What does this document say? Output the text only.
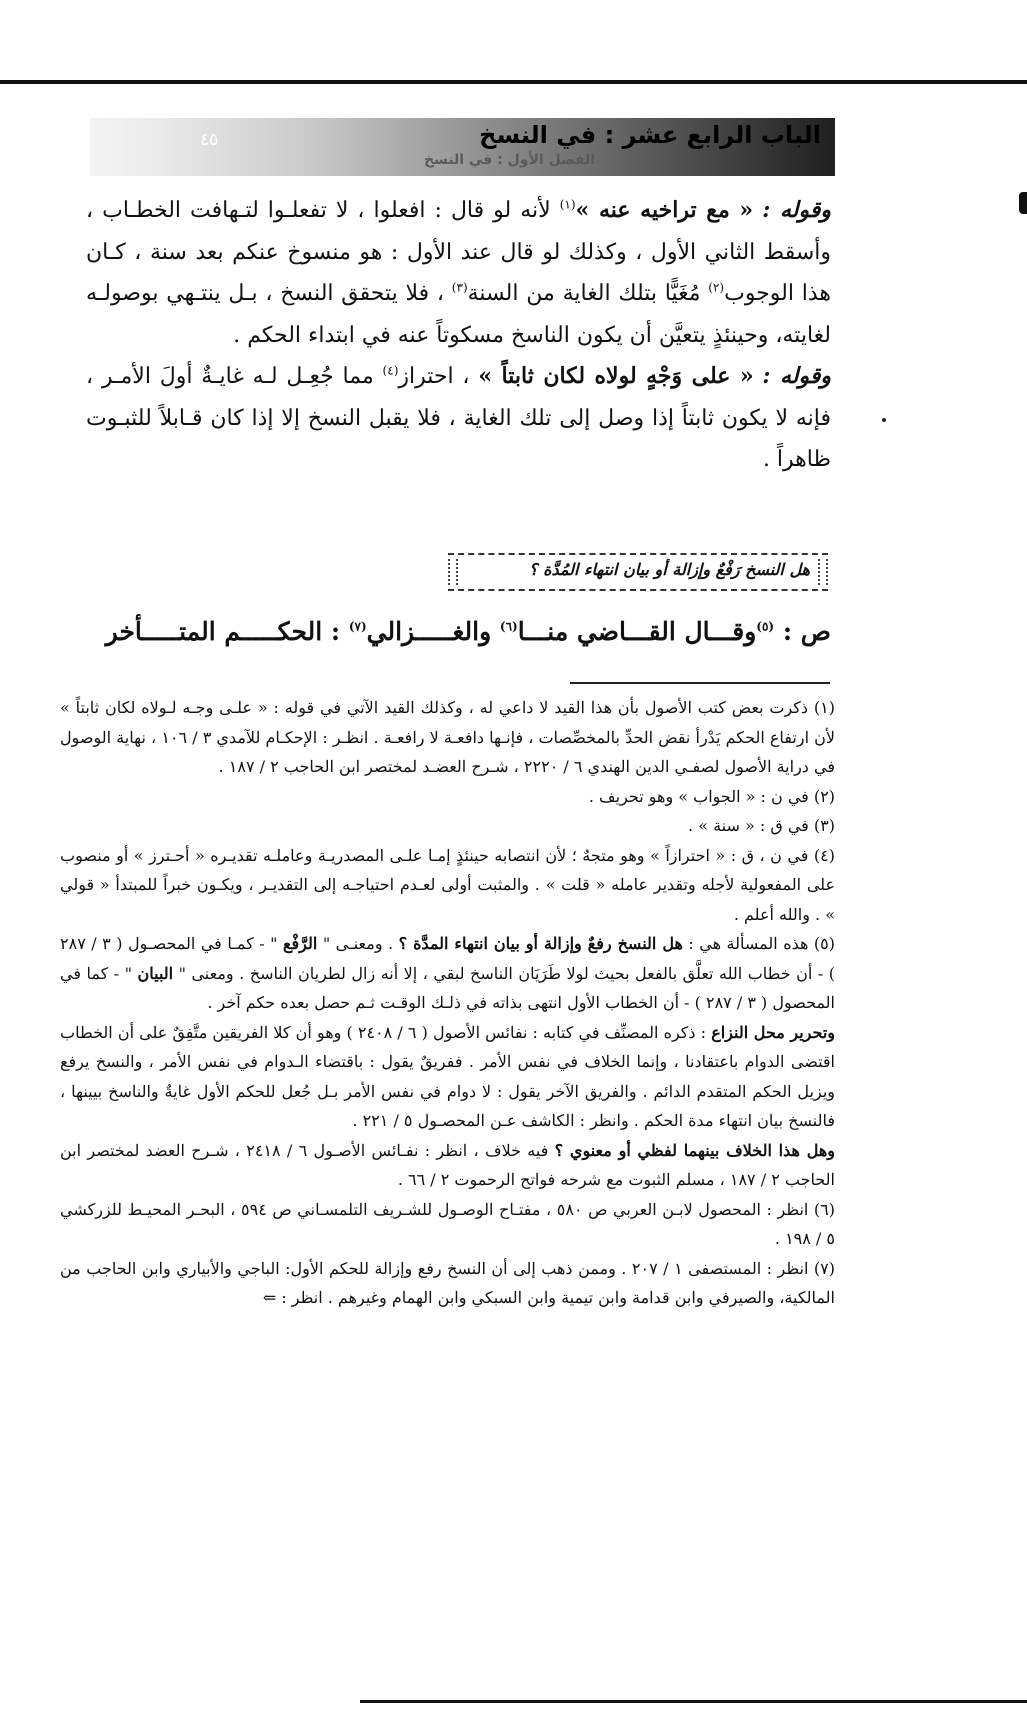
الباب الرابع عشر : في النسخ
الفصل الأول : في النسخ
٤٥

وقوله : « مع تراخيه عنه »$^{(١)}$ لأنه لو قال : افعلوا ، لا تفعلـوا لتـهافت الخطـاب ، وأسقط الثاني الأول ، وكذلك لو قال عند الأول : هو منسوخ عنكم بعد سنة ، كـان هذا الوجوب$^{(٢)}$ مُغَيًّا بتلك الغاية من السنة$^{(٣)}$ ، فلا يتحقق النسخ ، بـل ينتـهي بوصولـه لغايته، وحينئذٍ يتعيَّن أن يكون الناسخ مسكوتاً عنه في ابتداء الحكم .

وقوله : « على وَجْهٍ لولاه لكان ثابتاً » ، احتراز$^{(٤)}$ مما جُعِـل لـه غايـةٌ أولَ الأمـر ، فإنه لا يكون ثابتاً إذا وصل إلى تلك الغاية ، فلا يقبل النسخ إلا إذا كان قـابلاً للثبـوت ظاهراً .

هل النسخ رَفْعٌ وإزالة أو بيان انتهاء المُدَّة ؟
ص : $^{(٥)}$وقـــال القـــاضي منـــا$^{(٦)}$ والغـــــزالي$^{(٧)}$ : الحكـــــم المتـــــأخر

(١) ذكرت بعض كتب الأصول بأن هذا القيد لا داعي له ، وكذلك القيد الآتي في قوله : « علـى وجـه لـولاه لكان ثابتاً » لأن ارتفاع الحكم يَدْرأ نقض الحدِّ بالمخصِّصات ، فإنـها دافعـة لا رافعـة . انظـر : الإحكـام للآمدي ٣ / ١٠٦ ، نهاية الوصول في دراية الأصول لصفـي الدين الهندي ٦ / ٢٢٢٠ ، شـرح العضـد لمختصر ابن الحاجب ٢ / ١٨٧ .

(٢) في ن : « الجواب » وهو تحريف .

(٣) في ق : « سنة » .

(٤) في ن ، ق : « احترازاً » وهو متجهٌ ؛ لأن انتصابه حينئذٍ إمـا علـى المصدريـة وعاملـه تقديـره « أحـترز » أو منصوب على المفعولية لأجله وتقدير عامله « قلت » . والمثبت أولى لعـدم احتياجـه إلى التقديـر ، ويكـون خبراً للمبتدأ « قولي » . والله أعلم .

(٥) هذه المسألة هي : هل النسخ رفعٌ وإزالة أو بيان انتهاء المدَّة ؟ . ومعنـى " الرَّفْع " - كمـا في المحصـول ( ٣ / ٢٨٧ ) - أن خطاب الله تعلَّق بالفعل بحيث لولا طَرَيَان الناسخ لبقي ، إلا أنه زال لطريان الناسخ . ومعنى " البيان " - كما في المحصول ( ٣ / ٢٨٧ ) - أن الخطاب الأول انتهى بذاته في ذلـك الوقـت ثـم حصل بعده حكم آخر .

وتحرير محل النزاع : ذكره المصنِّف في كتابه : نفائس الأصول ( ٦ / ٢٤٠٨ ) وهو أن كلا الفريقين متَّفِقٌ على أن الخطاب اقتضى الدوام باعتقادنا ، وإنما الخلاف في نفس الأمر . ففريقٌ يقول : باقتضاء الـدوام في نفس الأمر ، والنسخ يرفع ويزيل الحكم المتقدم الدائم . والفريق الآخر يقول : لا دوام في نفس الأمر بـل جُعل للحكم الأول غايةٌ والناسخ بيينها ، فالنسخ بيان انتهاء مدة الحكم . وانظر : الكاشف عـن المحصـول ٥ / ٢٢١ .

وهل هذا الخلاف بينهما لفظي أو معنوي ؟ فيه خلاف ، انظر : نفـائس الأصـول ٦ / ٢٤١٨ ، شـرح العضد لمختصر ابن الحاجب ٢ / ١٨٧ ، مسلم الثبوت مع شرحه فواتح الرحموت ٢ / ٦٦ .

(٦) انظر : المحصول لابـن العربي ص ٥٨٠ ، مفتـاح الوصـول للشـريف التلمسـاني ص ٥٩٤ ، البحـر المحيـط للزركشي ٥ / ١٩٨ .

(٧) انظر : المستصفى ١ / ٢٠٧ . وممن ذهب إلى أن النسخ رفع وإزالة للحكم الأول: الباجي والأبياري وابن الحاجب من المالكية، والصيرفي وابن قدامة وابن تيمية وابن السبكي وابن الهمام وغيرهم . انظر : ⇐
